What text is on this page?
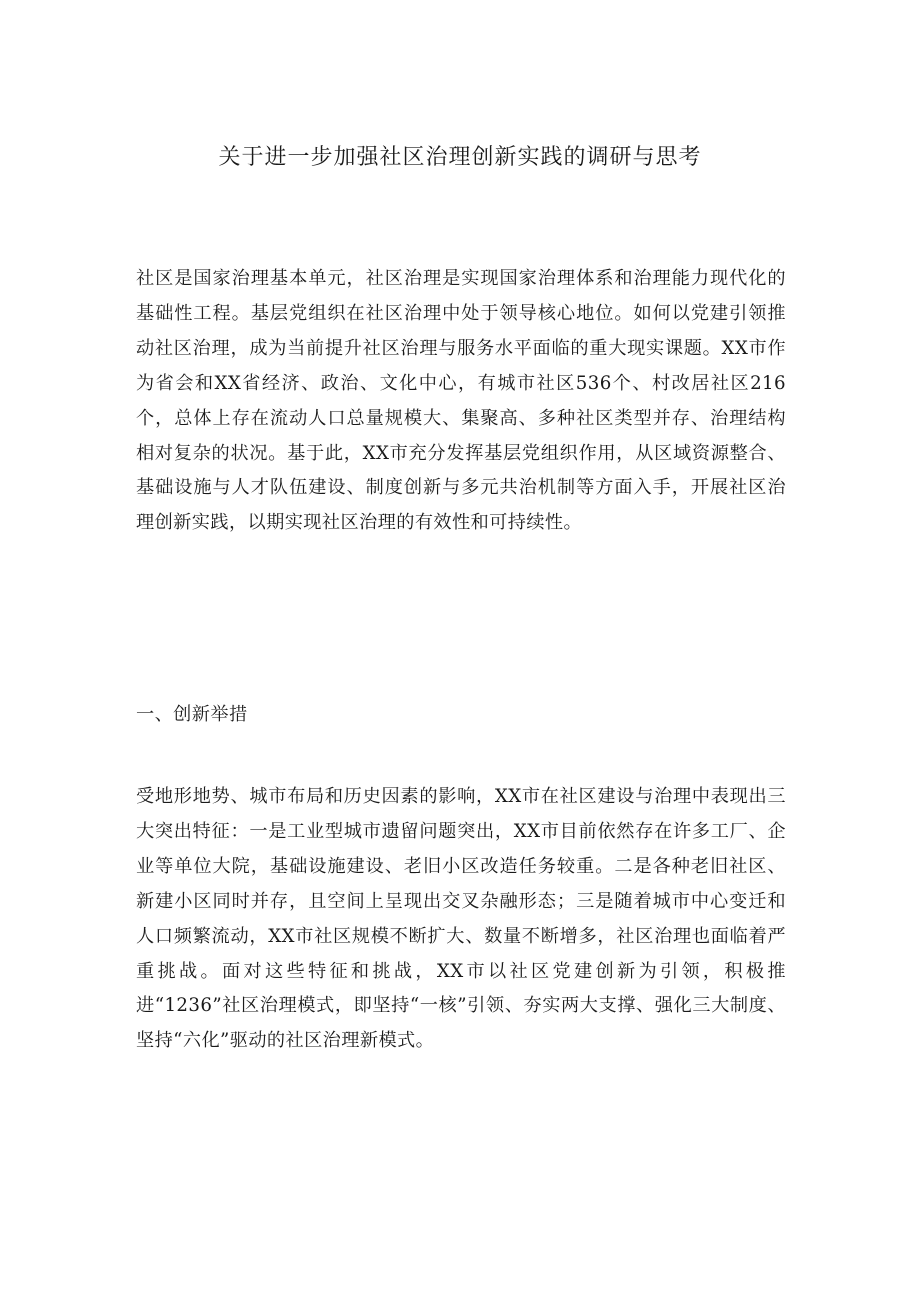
关于进一步加强社区治理创新实践的调研与思考

社区是国家治理基本单元，社区治理是实现国家治理体系和治理能力现代化的基础性工程。基层党组织在社区治理中处于领导核心地位。如何以党建引领推动社区治理，成为当前提升社区治理与服务水平面临的重大现实课题。XX市作为省会和XX省经济、政治、文化中心，有城市社区536个、村改居社区216个，总体上存在流动人口总量规模大、集聚高、多种社区类型并存、治理结构相对复杂的状况。基于此，XX市充分发挥基层党组织作用，从区域资源整合、基础设施与人才队伍建设、制度创新与多元共治机制等方面入手，开展社区治理创新实践，以期实现社区治理的有效性和可持续性。

一、创新举措

受地形地势、城市布局和历史因素的影响，XX市在社区建设与治理中表现出三大突出特征：一是工业型城市遗留问题突出，XX市目前依然存在许多工厂、企业等单位大院，基础设施建设、老旧小区改造任务较重。二是各种老旧社区、新建小区同时并存，且空间上呈现出交叉杂融形态；三是随着城市中心变迁和人口频繁流动，XX市社区规模不断扩大、数量不断增多，社区治理也面临着严重挑战。面对这些特征和挑战，XX市以社区党建创新为引领，积极推进“1236”社区治理模式，即坚持“一核”引领、夯实两大支撑、强化三大制度、坚持“六化”驱动的社区治理新模式。
